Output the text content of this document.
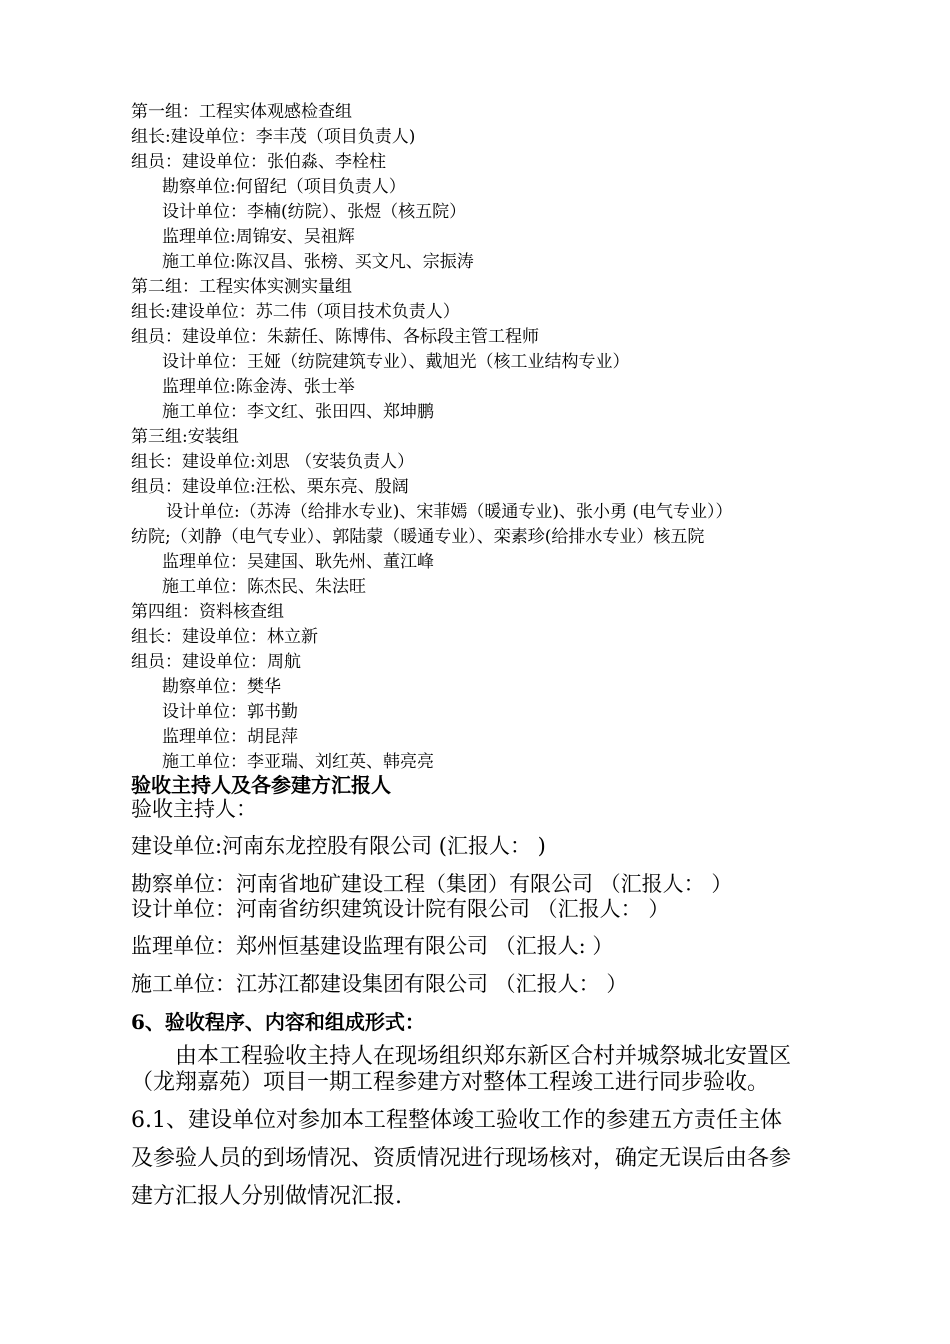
第一组：工程实体观感检查组
组长:建设单位：李丰茂（项目负责人)
组员：建设单位：张伯淼、李栓柱
勘察单位:何留纪（项目负责人）
设计单位：李楠(纺院）、张煜（核五院）
监理单位:周锦安、吴祖辉
施工单位:陈汉昌、张榜、买文凡、宗振涛
第二组：工程实体实测实量组
组长:建设单位：苏二伟（项目技术负责人）
组员：建设单位：朱薪任、陈博伟、各标段主管工程师
设计单位：王娅（纺院建筑专业）、戴旭光（核工业结构专业）
监理单位:陈金涛、张士举
施工单位：李文红、张田四、郑坤鹏
第三组:安装组
组长：建设单位:刘思 （安装负责人）
组员：建设单位:汪松、栗东亮、殷阔
设计单位:（苏涛（给排水专业)、宋菲嫣（暖通专业)、张小勇 (电气专业））
纺院;（刘静（电气专业）、郭陆蒙（暖通专业）、栾素珍(给排水专业）核五院
监理单位：吴建国、耿先州、董江峰
施工单位：陈杰民、朱法旺
第四组：资料核查组
组长：建设单位：林立新
组员：建设单位：周航
勘察单位：樊华
设计单位：郭书勤
监理单位：胡昆萍
施工单位：李亚瑞、刘红英、韩亮亮
验收主持人及各参建方汇报人
验收主持人：
建设单位:河南东龙控股有限公司 (汇报人： )
勘察单位：河南省地矿建设工程（集团）有限公司 （汇报人： ）
设计单位：河南省纺织建筑设计院有限公司 （汇报人： ）
监理单位：郑州恒基建设监理有限公司 （汇报人: ）
施工单位：江苏江都建设集团有限公司 （汇报人： ）
6、验收程序、内容和组成形式：
由本工程验收主持人在现场组织郑东新区合村并城祭城北安置区
（龙翔嘉苑）项目一期工程参建方对整体工程竣工进行同步验收。
6.1、建设单位对参加本工程整体竣工验收工作的参建五方责任主体
及参验人员的到场情况、资质情况进行现场核对，确定无误后由各参
建方汇报人分别做情况汇报.
